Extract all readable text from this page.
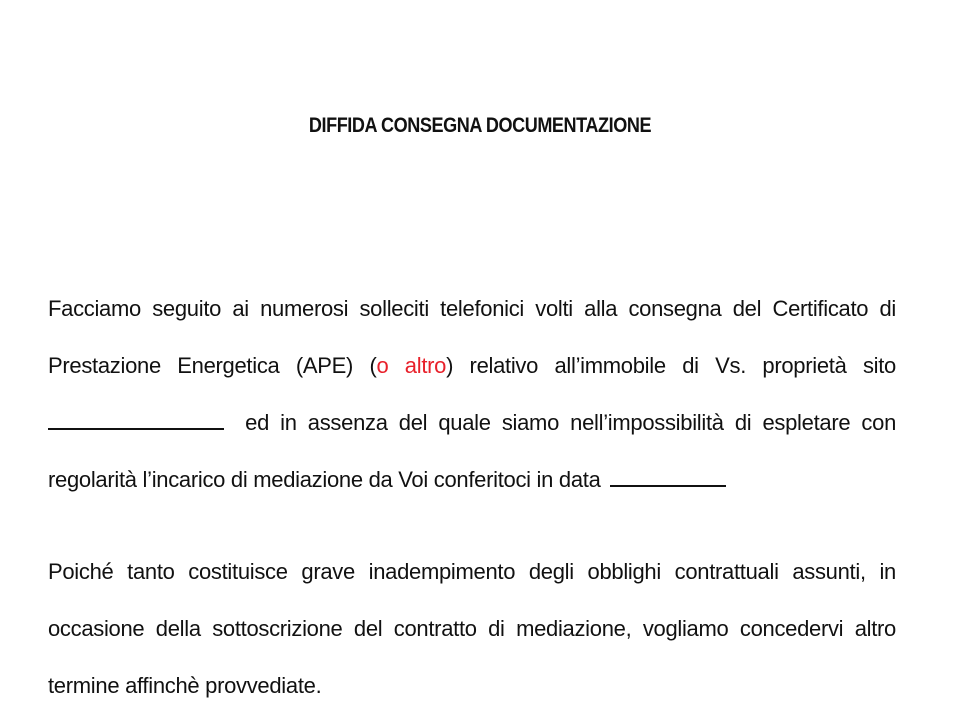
DIFFIDA CONSEGNA DOCUMENTAZIONE
Facciamo seguito ai numerosi solleciti telefonici volti alla consegna del Certificato di Prestazione Energetica (APE) (o altro) relativo all’immobile di Vs. proprietà sito ed in assenza del quale siamo nell’impossibilità di espletare con regolarità l’incarico di mediazione da Voi conferitoci in data
Poiché tanto costituisce grave inadempimento degli obblighi contrattuali assunti, in occasione della sottoscrizione del contratto di mediazione, vogliamo concedervi altro termine affinchè provvediate.
